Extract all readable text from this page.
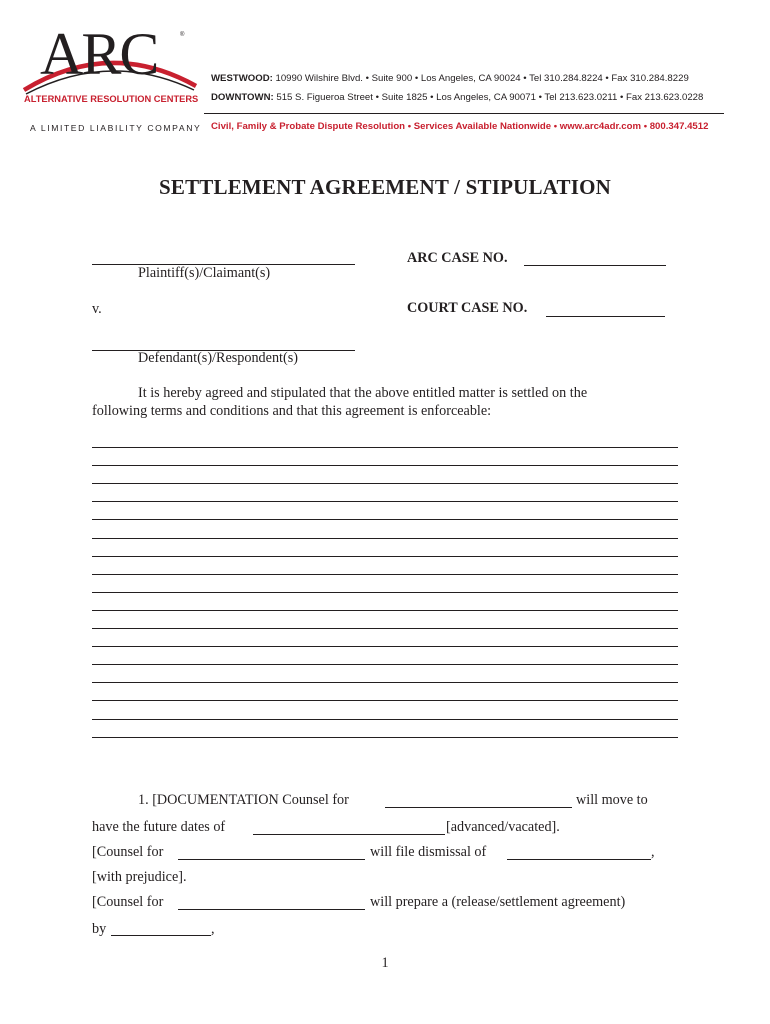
ARC	®
ALTERNATIVE RESOLUTION CENTERS
A LIMITED LIABILITY COMPANY
WESTWOOD: 10990 Wilshire Blvd. • Suite 900 • Los Angeles, CA 90024 • Tel 310.284.8224 • Fax 310.284.8229
DOWNTOWN: 515 S. Figueroa Street • Suite 1825 • Los Angeles, CA 90071 • Tel 213.623.0211 • Fax 213.623.0228
Civil, Family & Probate Dispute Resolution • Services Available Nationwide • www.arc4adr.com • 800.347.4512
SETTLEMENT AGREEMENT / STIPULATION
Plaintiff(s)/Claimant(s)
ARC CASE NO.
v.	COURT CASE NO.
Defendant(s)/Respondent(s)
It is hereby agreed and stipulated that the above entitled matter is settled on the
following terms and conditions and that this agreement is enforceable:
1. [DOCUMENTATION Counsel for	will move to
have the future dates of	[advanced/vacated].
[Counsel for	will file dismissal of	,
[with prejudice].
[Counsel for	will prepare a (release/settlement agreement)
by	,
1
